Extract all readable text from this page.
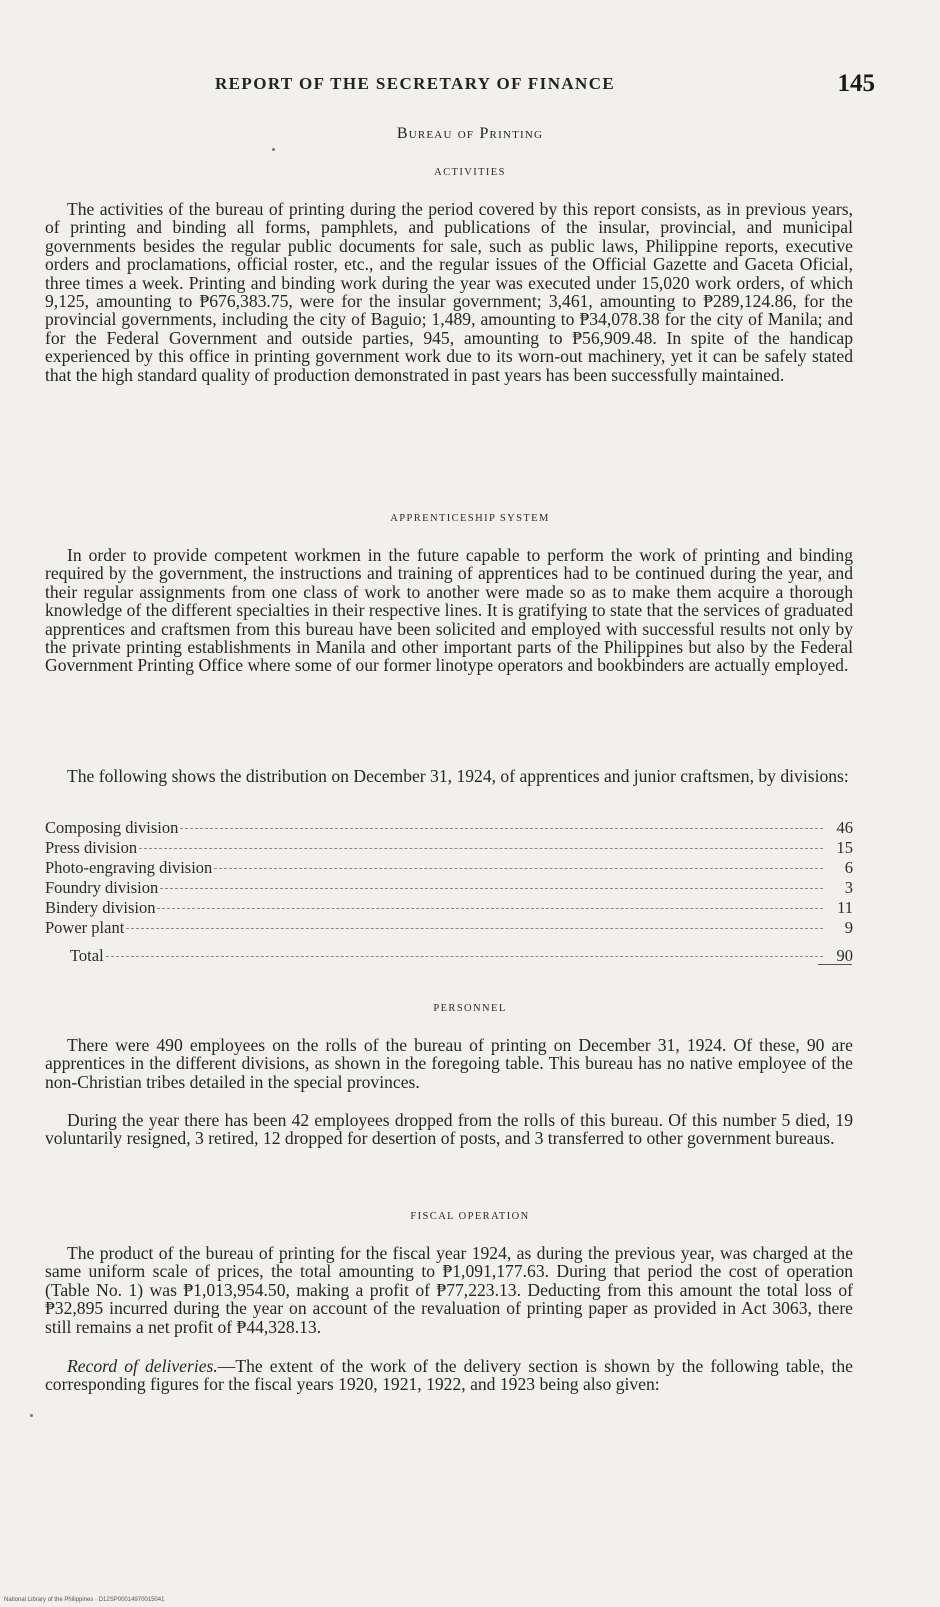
REPORT OF THE SECRETARY OF FINANCE	145
Bureau of Printing
ACTIVITIES

The activities of the bureau of printing during the period covered by this report consists, as in previous years, of printing and binding all forms, pamphlets, and publications of the insular, provincial, and municipal governments besides the regular public documents for sale, such as public laws, Philippine reports, executive orders and proclamations, official roster, etc., and the regular issues of the Official Gazette and Gaceta Oficial, three times a week. Printing and binding work during the year was executed under 15,020 work orders, of which 9,125, amounting to ₱676,383.75, were for the insular government; 3,461, amounting to ₱289,124.86, for the provincial governments, including the city of Baguio; 1,489, amounting to ₱34,078.38 for the city of Manila; and for the Federal Government and outside parties, 945, amounting to ₱56,909.48. In spite of the handicap experienced by this office in printing government work due to its worn-out machinery, yet it can be safely stated that the high standard quality of production demonstrated in past years has been successfully maintained.

APPRENTICESHIP SYSTEM

In order to provide competent workmen in the future capable to perform the work of printing and binding required by the government, the instructions and training of apprentices had to be continued during the year, and their regular assignments from one class of work to another were made so as to make them acquire a thorough knowledge of the different specialties in their respective lines. It is gratifying to state that the services of graduated apprentices and craftsmen from this bureau have been solicited and employed with successful results not only by the private printing establishments in Manila and other important parts of the Philippines but also by the Federal Government Printing Office where some of our former linotype operators and bookbinders are actually employed.

The following shows the distribution on December 31, 1924, of apprentices and junior craftsmen, by divisions:

Composing division	46
Press division	15
Photo-engraving division	6
Foundry division	3
Bindery division	11
Power plant	9
Total	90
PERSONNEL

There were 490 employees on the rolls of the bureau of printing on December 31, 1924. Of these, 90 are apprentices in the different divisions, as shown in the foregoing table. This bureau has no native employee of the non-Christian tribes detailed in the special provinces.

During the year there has been 42 employees dropped from the rolls of this bureau. Of this number 5 died, 19 voluntarily resigned, 3 retired, 12 dropped for desertion of posts, and 3 transferred to other government bureaus.

FISCAL OPERATION

The product of the bureau of printing for the fiscal year 1924, as during the previous year, was charged at the same uniform scale of prices, the total amounting to ₱1,091,177.63. During that period the cost of operation (Table No. 1) was ₱1,013,954.50, making a profit of ₱77,223.13. Deducting from this amount the total loss of ₱32,895 incurred during the year on account of the revaluation of printing paper as provided in Act 3063, there still remains a net profit of ₱44,328.13.

Record of deliveries.—The extent of the work of the delivery section is shown by the following table, the corresponding figures for the fiscal years 1920, 1921, 1922, and 1923 being also given:

National Library of the Philippines · D12SP00014970015041
